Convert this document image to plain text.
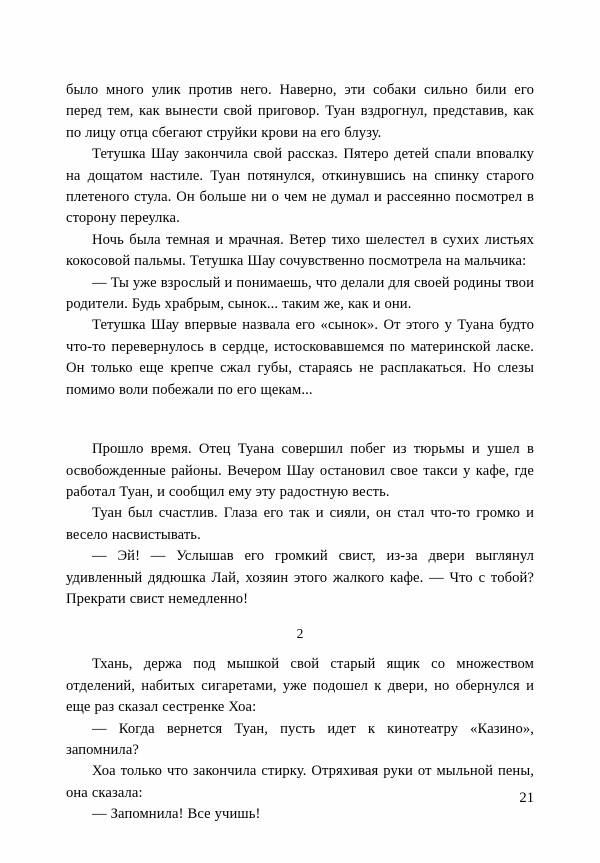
было много улик против него. Наверно, эти собаки сильно били его перед тем, как вынести свой приговор. Туан вздрогнул, представив, как по лицу отца сбегают струйки крови на его блузу.

Тетушка Шау закончила свой рассказ. Пятеро детей спали вповалку на дощатом настиле. Туан потянулся, откинувшись на спинку старого плетеного стула. Он больше ни о чем не думал и рассеянно посмотрел в сторону переулка.

Ночь была темная и мрачная. Ветер тихо шелестел в сухих листьях кокосовой пальмы. Тетушка Шау сочувственно посмотрела на мальчика:

— Ты уже взрослый и понимаешь, что делали для своей родины твои родители. Будь храбрым, сынок... таким же, как и они.

Тетушка Шау впервые назвала его «сынок». От этого у Туана будто что-то перевернулось в сердце, истосковавшемся по материнской ласке. Он только еще крепче сжал губы, стараясь не расплакаться. Но слезы помимо воли побежали по его щекам...

Прошло время. Отец Туана совершил побег из тюрьмы и ушел в освобожденные районы. Вечером Шау остановил свое такси у кафе, где работал Туан, и сообщил ему эту радостную весть.

Туан был счастлив. Глаза его так и сияли, он стал что-то громко и весело насвистывать.

— Эй! — Услышав его громкий свист, из-за двери выглянул удивленный дядюшка Лай, хозяин этого жалкого кафе. — Что с тобой? Прекрати свист немедленно!

2

Тхань, держа под мышкой свой старый ящик со множеством отделений, набитых сигаретами, уже подошел к двери, но обернулся и еще раз сказал сестренке Хоа:

— Когда вернется Туан, пусть идет к кинотеатру «Казино», запомнила?

Хоа только что закончила стирку. Отряхивая руки от мыльной пены, она сказала:

— Запомнила! Все учишь!

21
